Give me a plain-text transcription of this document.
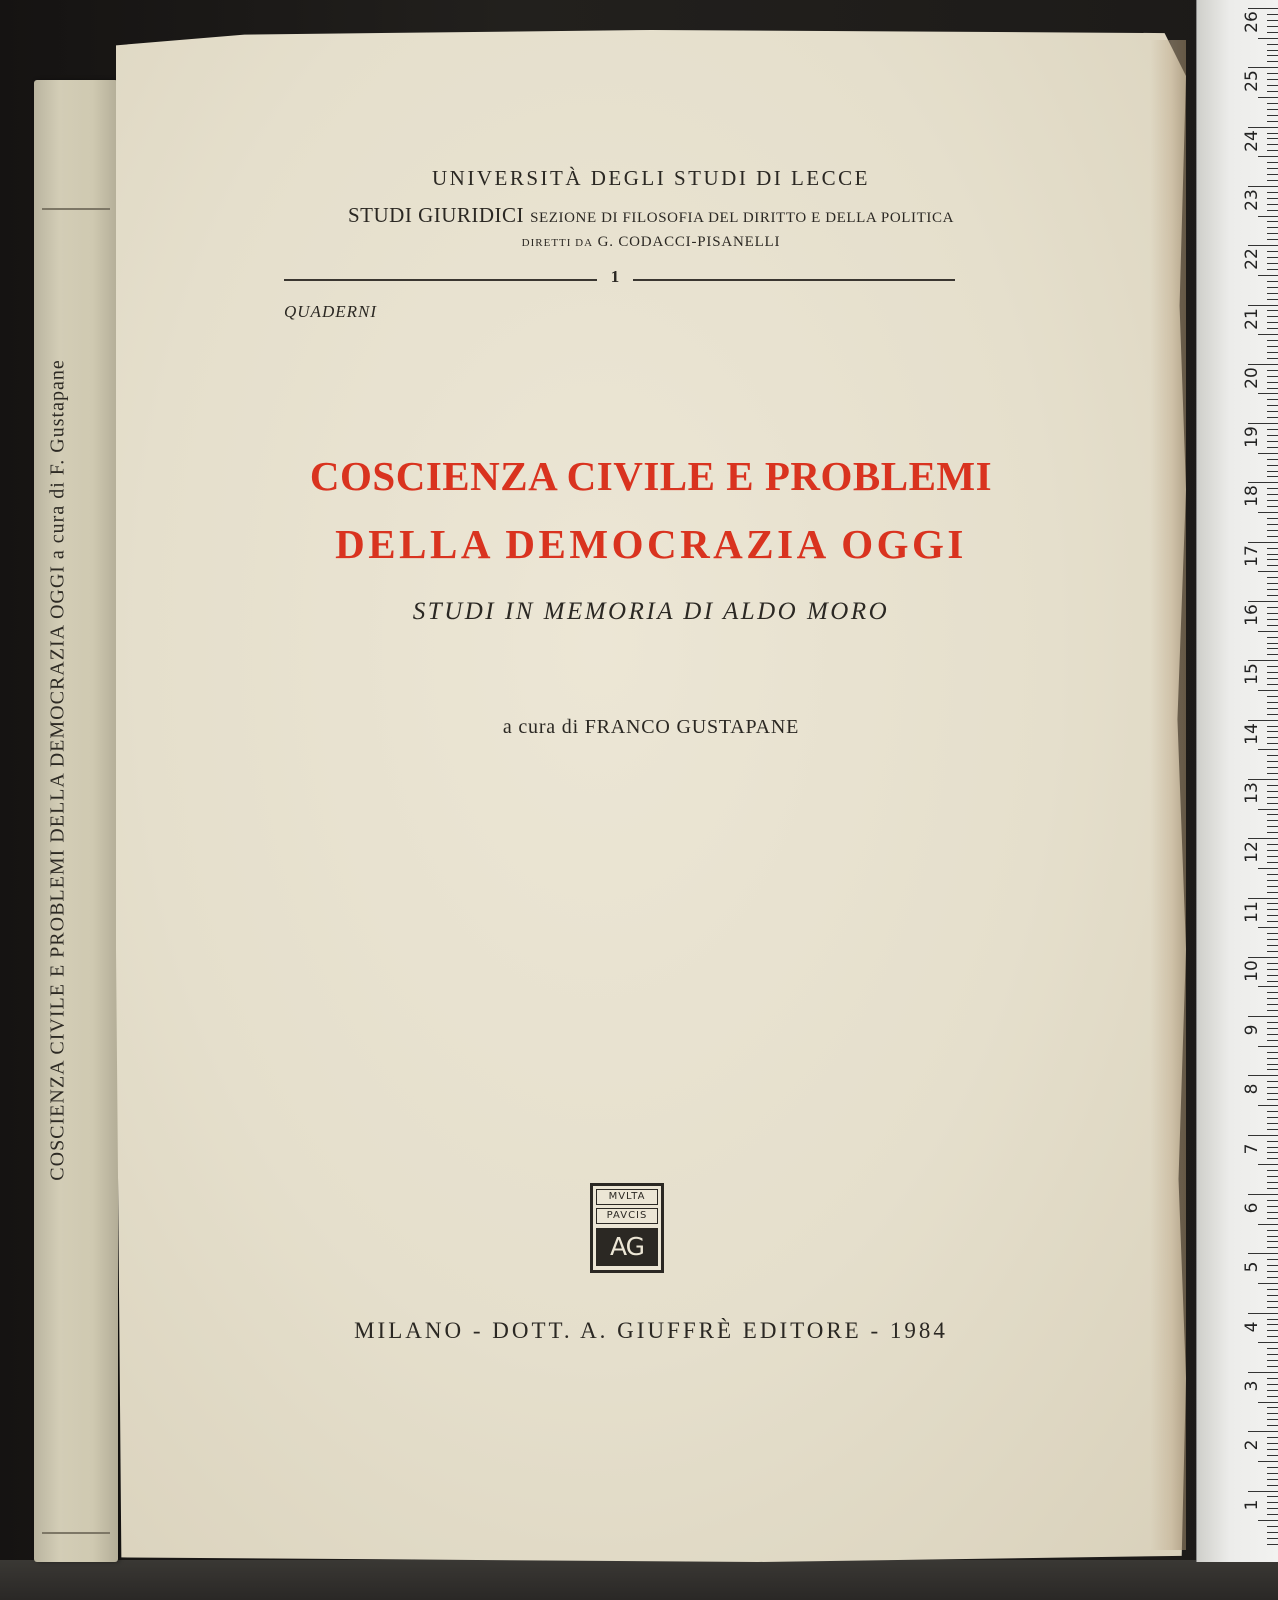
COSCIENZA CIVILE E PROBLEMI DELLA DEMOCRAZIA OGGI a cura di F. Gustapane
UNIVERSITÀ DEGLI STUDI DI LECCE
STUDI GIURIDICI SEZIONE DI FILOSOFIA DEL DIRITTO E DELLA POLITICA
DIRETTI DA G. CODACCI-PISANELLI
1
QUADERNI
COSCIENZA CIVILE E PROBLEMI
DELLA DEMOCRAZIA OGGI
STUDI IN MEMORIA DI ALDO MORO
a cura di FRANCO GUSTAPANE
MVLTA
PAVCIS
AG
MILANO - DOTT. A. GIUFFRÈ EDITORE - 1984
26
25
24
23
22
21
20
19
18
17
16
15
14
13
12
11
10
9
8
7
6
5
4
3
2
1
